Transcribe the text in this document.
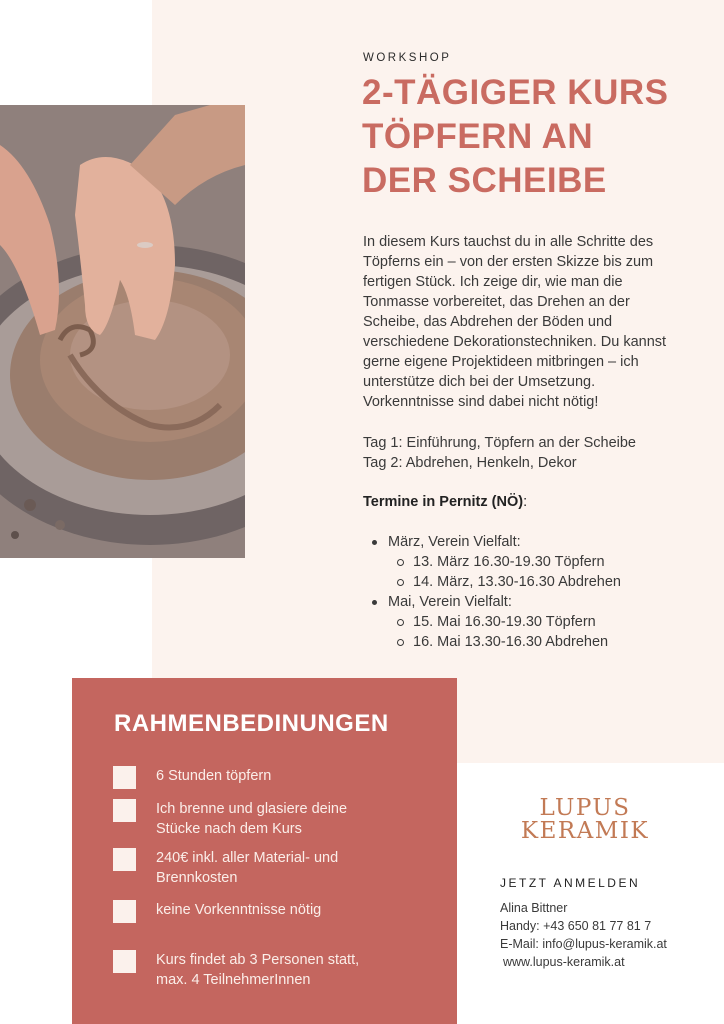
WORKSHOP
2-TÄGIGER KURS
TÖPFERN AN
DER SCHEIBE
In diesem Kurs tauchst du in alle Schritte des Töpferns ein – von der ersten Skizze bis zum fertigen Stück. Ich zeige dir, wie man die Tonmasse vorbereitet, das Drehen an der Scheibe, das Abdrehen der Böden und verschiedene Dekorationstechniken. Du kannst gerne eigene Projektideen mitbringen – ich unterstütze dich bei der Umsetzung. Vorkenntnisse sind dabei nicht nötig!
Tag 1: Einführung, Töpfern an der Scheibe
Tag 2: Abdrehen, Henkeln, Dekor
Termine in Pernitz (NÖ):
März, Verein Vielfalt:
13. März 16.30-19.30 Töpfern
14. März, 13.30-16.30 Abdrehen
Mai, Verein Vielfalt:
15. Mai 16.30-19.30 Töpfern
16. Mai 13.30-16.30 Abdrehen
RAHMENBEDINUNGEN
6 Stunden töpfern
Ich brenne und glasiere deine Stücke nach dem Kurs
240€ inkl. aller Material- und Brennkosten
keine Vorkenntnisse nötig
Kurs findet ab 3 Personen statt, max. 4 TeilnehmerInnen
LUPUS
KERAMIK
JETZT ANMELDEN
Alina Bittner
Handy: +43 650 81 77 81 7
E-Mail: info@lupus-keramik.at
www.lupus-keramik.at
